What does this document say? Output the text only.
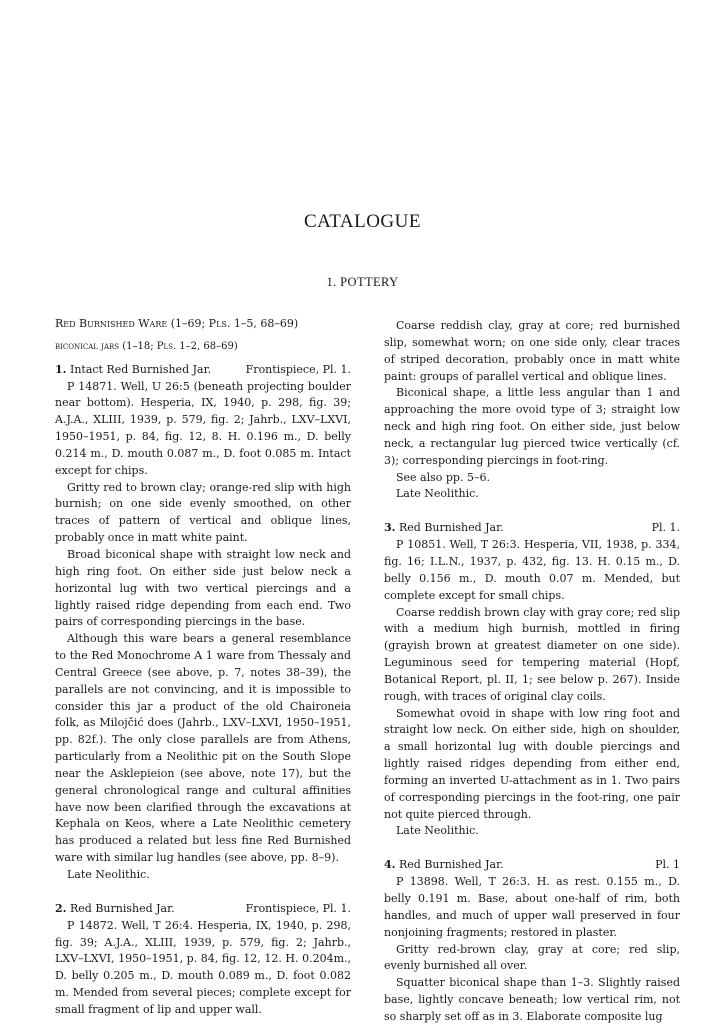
CATALOGUE
1. POTTERY

Red Burnished Ware (1–69; Pls. 1–5, 68–69)

biconical jars (1–18; Pls. 1–2, 68–69)

1. Intact Red Burnished Jar.	Frontispiece, Pl. 1.

P 14871. Well, U 26:5 (beneath projecting boulder near bottom). Hesperia, IX, 1940, p. 298, fig. 39; A.J.A., XLIII, 1939, p. 579, fig. 2; Jahrb., LXV–LXVI, 1950–1951, p. 84, fig. 12, 8. H. 0.196 m., D. belly 0.214 m., D. mouth 0.087 m., D. foot 0.085 m. Intact except for chips.

Gritty red to brown clay; orange-red slip with high burnish; on one side evenly smoothed, on other traces of pattern of vertical and oblique lines, probably once in matt white paint.

Broad biconical shape with straight low neck and high ring foot. On either side just below neck a horizontal lug with two vertical piercings and a lightly raised ridge depending from each end. Two pairs of corresponding piercings in the base.

Although this ware bears a general resemblance to the Red Monochrome A 1 ware from Thessaly and Central Greece (see above, p. 7, notes 38–39), the parallels are not convincing, and it is impossible to consider this jar a product of the old Chaironeia folk, as Milojčić does (Jahrb., LXV–LXVI, 1950–1951, pp. 82f.). The only close parallels are from Athens, particularly from a Neolithic pit on the South Slope near the Asklepieion (see above, note 17), but the general chronological range and cultural affinities have now been clarified through the excavations at Kephala on Keos, where a Late Neolithic cemetery has produced a related but less fine Red Burnished ware with similar lug handles (see above, pp. 8–9).

Late Neolithic.

2. Red Burnished Jar.	Frontispiece, Pl. 1.

P 14872. Well, T 26:4. Hesperia, IX, 1940, p. 298, fig. 39; A.J.A., XLIII, 1939, p. 579, fig. 2; Jahrb., LXV–LXVI, 1950–1951, p. 84, fig. 12, 12. H. 0.204m., D. belly 0.205 m., D. mouth 0.089 m., D. foot 0.082 m. Mended from several pieces; complete except for small fragment of lip and upper wall.

Coarse reddish clay, gray at core; red burnished slip, somewhat worn; on one side only, clear traces of striped decoration, probably once in matt white paint: groups of parallel vertical and oblique lines.

Biconical shape, a little less angular than 1 and approaching the more ovoid type of 3; straight low neck and high ring foot. On either side, just below neck, a rectangular lug pierced twice vertically (cf. 3); corresponding piercings in foot-ring.

See also pp. 5–6.

Late Neolithic.

3. Red Burnished Jar.	Pl. 1.

P 10851. Well, T 26:3. Hesperia, VII, 1938, p. 334, fig. 16; I.L.N., 1937, p. 432, fig. 13. H. 0.15 m., D. belly 0.156 m., D. mouth 0.07 m. Mended, but complete except for small chips.

Coarse reddish brown clay with gray core; red slip with a medium high burnish, mottled in firing (grayish brown at greatest diameter on one side). Leguminous seed for tempering material (Hopf, Botanical Report, pl. II, 1; see below p. 267). Inside rough, with traces of original clay coils.

Somewhat ovoid in shape with low ring foot and straight low neck. On either side, high on shoulder, a small horizontal lug with double piercings and lightly raised ridges depending from either end, forming an inverted U-attachment as in 1. Two pairs of corresponding piercings in the foot-ring, one pair not quite pierced through.

Late Neolithic.

4. Red Burnished Jar.	Pl. 1

P 13898. Well, T 26:3. H. as rest. 0.155 m., D. belly 0.191 m. Base, about one-half of rim, both handles, and much of upper wall preserved in four nonjoining fragments; restored in plaster.

Gritty red-brown clay, gray at core; red slip, evenly burnished all over.

Squatter biconical shape than 1–3. Slightly raised base, lightly concave beneath; low vertical rim, not so sharply set off as in 3. Elaborate composite lug
